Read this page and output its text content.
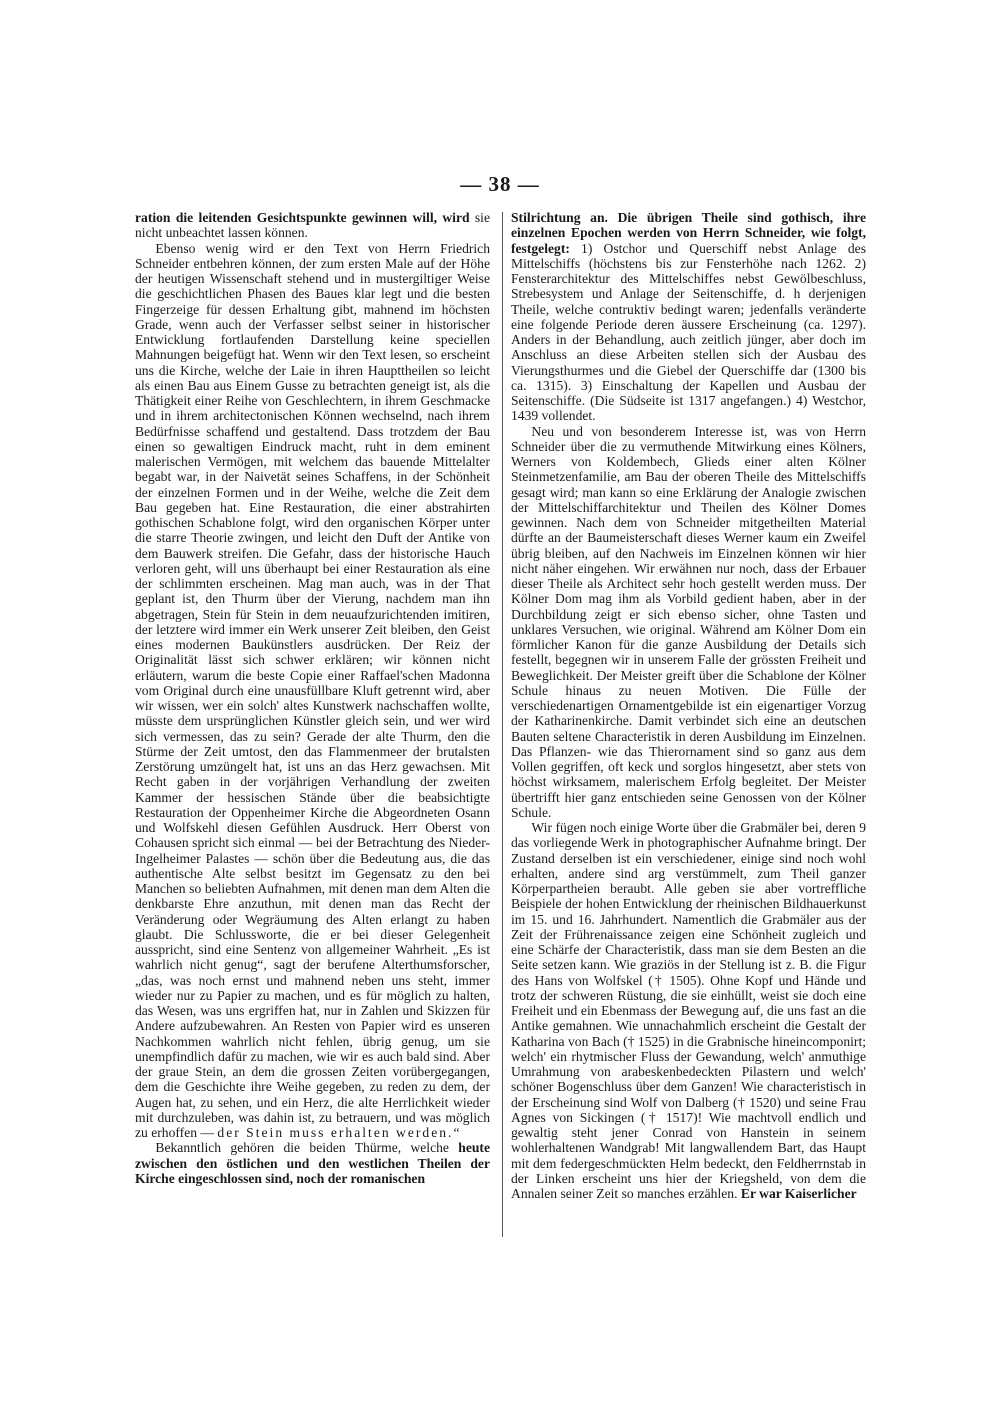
— 38 —

ration die leitenden Gesichtspunkte gewinnen will, wird sie nicht unbeachtet lassen können.

Ebenso wenig wird er den Text von Herrn Friedrich Schneider entbehren können, der zum ersten Male auf der Höhe der heutigen Wissenschaft stehend und in mustergiltiger Weise die geschichtlichen Phasen des Baues klar legt und die besten Fingerzeige für dessen Erhaltung gibt, mahnend im höchsten Grade, wenn auch der Verfasser selbst seiner in historischer Entwicklung fortlaufenden Darstellung keine speciellen Mahnungen beigefügt hat. Wenn wir den Text lesen, so erscheint uns die Kirche, welche der Laie in ihren Haupttheilen so leicht als einen Bau aus Einem Gusse zu betrachten geneigt ist, als die Thätigkeit einer Reihe von Geschlechtern, in ihrem Geschmacke und in ihrem architectonischen Können wechselnd, nach ihrem Bedürfnisse schaffend und gestaltend. Dass trotzdem der Bau einen so gewaltigen Eindruck macht, ruht in dem eminent malerischen Vermögen, mit welchem das bauende Mittelalter begabt war, in der Naivetät seines Schaffens, in der Schönheit der einzelnen Formen und in der Weihe, welche die Zeit dem Bau gegeben hat. Eine Restauration, die einer abstrahirten gothischen Schablone folgt, wird den organischen Körper unter die starre Theorie zwingen, und leicht den Duft der Antike von dem Bauwerk streifen. Die Gefahr, dass der historische Hauch verloren geht, will uns überhaupt bei einer Restauration als eine der schlimmten erscheinen. Mag man auch, was in der That geplant ist, den Thurm über der Vierung, nachdem man ihn abgetragen, Stein für Stein in dem neuaufzurichtenden imitiren, der letztere wird immer ein Werk unserer Zeit bleiben, den Geist eines modernen Baukünstlers ausdrücken. Der Reiz der Originalität lässt sich schwer erklären; wir können nicht erläutern, warum die beste Copie einer Raffael'schen Madonna vom Original durch eine unausfüllbare Kluft getrennt wird, aber wir wissen, wer ein solch' altes Kunstwerk nachschaffen wollte, müsste dem ursprünglichen Künstler gleich sein, und wer wird sich vermessen, das zu sein? Gerade der alte Thurm, den die Stürme der Zeit umtost, den das Flammenmeer der brutalsten Zerstörung umzüngelt hat, ist uns an das Herz gewachsen. Mit Recht gaben in der vorjährigen Verhandlung der zweiten Kammer der hessischen Stände über die beabsichtigte Restauration der Oppenheimer Kirche die Abgeordneten Osann und Wolfskehl diesen Gefühlen Ausdruck. Herr Oberst von Cohausen spricht sich einmal — bei der Betrachtung des Nieder-Ingelheimer Palastes — schön über die Bedeutung aus, die das authentische Alte selbst besitzt im Gegensatz zu den bei Manchen so beliebten Aufnahmen, mit denen man dem Alten die denkbarste Ehre anzuthun, mit denen man das Recht der Veränderung oder Wegräumung des Alten erlangt zu haben glaubt. Die Schlussworte, die er bei dieser Gelegenheit ausspricht, sind eine Sentenz von allgemeiner Wahrheit. „Es ist wahrlich nicht genug“, sagt der berufene Alterthumsforscher, „das, was noch ernst und mahnend neben uns steht, immer wieder nur zu Papier zu machen, und es für möglich zu halten, das Wesen, was uns ergriffen hat, nur in Zahlen und Skizzen für Andere aufzubewahren. An Resten von Papier wird es unseren Nachkommen wahrlich nicht fehlen, übrig genug, um sie unempfindlich dafür zu machen, wie wir es auch bald sind. Aber der graue Stein, an dem die grossen Zeiten vorübergegangen, dem die Geschichte ihre Weihe gegeben, zu reden zu dem, der Augen hat, zu sehen, und ein Herz, die alte Herrlichkeit wieder mit durchzuleben, was dahin ist, zu betrauern, und was möglich zu erhoffen — der Stein muss erhalten werden.“

Bekanntlich gehören die beiden Thürme, welche heute zwischen den östlichen und den westlichen Theilen der Kirche eingeschlossen sind, noch der romanischen

Stilrichtung an. Die übrigen Theile sind gothisch, ihre einzelnen Epochen werden von Herrn Schneider, wie folgt, festgelegt: 1) Ostchor und Querschiff nebst Anlage des Mittelschiffs (höchstens bis zur Fensterhöhe nach 1262. 2) Fensterarchitektur des Mittelschiffes nebst Gewölbeschluss, Strebesystem und Anlage der Seitenschiffe, d. h derjenigen Theile, welche contruktiv bedingt waren; jedenfalls veränderte eine folgende Periode deren äussere Erscheinung (ca. 1297). Anders in der Behandlung, auch zeitlich jünger, aber doch im Anschluss an diese Arbeiten stellen sich der Ausbau des Vierungsthurmes und die Giebel der Querschiffe dar (1300 bis ca. 1315). 3) Einschaltung der Kapellen und Ausbau der Seitenschiffe. (Die Südseite ist 1317 angefangen.) 4) Westchor, 1439 vollendet.

Neu und von besonderem Interesse ist, was von Herrn Schneider über die zu vermuthende Mitwirkung eines Kölners, Werners von Koldembech, Glieds einer alten Kölner Steinmetzenfamilie, am Bau der oberen Theile des Mittelschiffs gesagt wird; man kann so eine Erklärung der Analogie zwischen der Mittelschiffarchitektur und Theilen des Kölner Domes gewinnen. Nach dem von Schneider mitgetheilten Material dürfte an der Baumeisterschaft dieses Werner kaum ein Zweifel übrig bleiben, auf den Nachweis im Einzelnen können wir hier nicht näher eingehen. Wir erwähnen nur noch, dass der Erbauer dieser Theile als Architect sehr hoch gestellt werden muss. Der Kölner Dom mag ihm als Vorbild gedient haben, aber in der Durchbildung zeigt er sich ebenso sicher, ohne Tasten und unklares Versuchen, wie original. Während am Kölner Dom ein förmlicher Kanon für die ganze Ausbildung der Details sich festellt, begegnen wir in unserem Falle der grössten Freiheit und Beweglichkeit. Der Meister greift über die Schablone der Kölner Schule hinaus zu neuen Motiven. Die Fülle der verschiedenartigen Ornamentgebilde ist ein eigenartiger Vorzug der Katharinenkirche. Damit verbindet sich eine an deutschen Bauten seltene Characteristik in deren Ausbildung im Einzelnen. Das Pflanzen- wie das Thierornament sind so ganz aus dem Vollen gegriffen, oft keck und sorglos hingesetzt, aber stets von höchst wirksamem, malerischem Erfolg begleitet. Der Meister übertrifft hier ganz entschieden seine Genossen von der Kölner Schule.

Wir fügen noch einige Worte über die Grabmäler bei, deren 9 das vorliegende Werk in photographischer Aufnahme bringt. Der Zustand derselben ist ein verschiedener, einige sind noch wohl erhalten, andere sind arg verstümmelt, zum Theil ganzer Körperpartheien beraubt. Alle geben sie aber vortreffliche Beispiele der hohen Entwicklung der rheinischen Bildhauerkunst im 15. und 16. Jahrhundert. Namentlich die Grabmäler aus der Zeit der Frührenaissance zeigen eine Schönheit zugleich und eine Schärfe der Characteristik, dass man sie dem Besten an die Seite setzen kann. Wie graziös in der Stellung ist z. B. die Figur des Hans von Wolfskel († 1505). Ohne Kopf und Hände und trotz der schweren Rüstung, die sie einhüllt, weist sie doch eine Freiheit und ein Ebenmass der Bewegung auf, die uns fast an die Antike gemahnen. Wie unnachahmlich erscheint die Gestalt der Katharina von Bach († 1525) in die Grabnische hineincomponirt; welch' ein rhytmischer Fluss der Gewandung, welch' anmuthige Umrahmung von arabeskenbedeckten Pilastern und welch' schöner Bogenschluss über dem Ganzen! Wie characteristisch in der Erscheinung sind Wolf von Dalberg († 1520) und seine Frau Agnes von Sickingen († 1517)! Wie machtvoll endlich und gewaltig steht jener Conrad von Hanstein in seinem wohlerhaltenen Wandgrab! Mit langwallendem Bart, das Haupt mit dem federgeschmückten Helm bedeckt, den Feldherrnstab in der Linken erscheint uns hier der Kriegsheld, von dem die Annalen seiner Zeit so manches erzählen. Er war Kaiserlicher
